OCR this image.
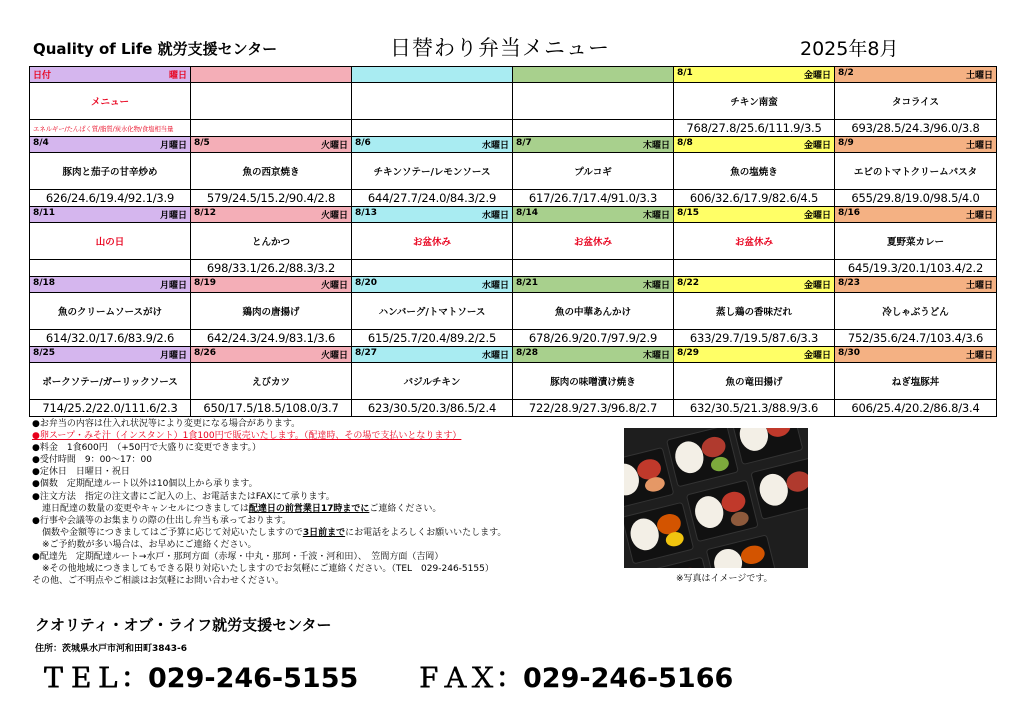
Quality of Life 就労支援センター	日替わり弁当メニュー	2025年8月
日付 曜日				8/1 金曜日	8/2 土曜日

メニュー				チキン南蛮	タコライス
エネルギー/たんぱく質/脂質/炭水化物/食塩相当量				768/27.8/25.6/111.9/3.5	693/28.5/24.3/96.0/3.8

8/4 月曜日	8/5 火曜日	8/6 水曜日	8/7 木曜日	8/8 金曜日	8/9 土曜日

豚肉と茄子の甘辛炒め	魚の西京焼き	チキンソテー/レモンソース	プルコギ	魚の塩焼き	エビのトマトクリームパスタ
626/24.6/19.4/92.1/3.9	579/24.5/15.2/90.4/2.8	644/27.7/24.0/84.3/2.9	617/26.7/17.4/91.0/3.3	606/32.6/17.9/82.6/4.5	655/29.8/19.0/98.5/4.0

8/11 月曜日	8/12 火曜日	8/13 水曜日	8/14 木曜日	8/15 金曜日	8/16 土曜日

山の日	とんかつ	お盆休み	お盆休み	お盆休み	夏野菜カレー
	698/33.1/26.2/88.3/3.2				645/19.3/20.1/103.4/2.2

8/18 月曜日	8/19 火曜日	8/20 水曜日	8/21 木曜日	8/22 金曜日	8/23 土曜日

魚のクリームソースがけ	鶏肉の唐揚げ	ハンバーグ/トマトソース	魚の中華あんかけ	蒸し鶏の香味だれ	冷しゃぶうどん
614/32.0/17.6/83.9/2.6	642/24.3/24.9/83.1/3.6	615/25.7/20.4/89.2/2.5	678/26.9/20.7/97.9/2.9	633/29.7/19.5/87.6/3.3	752/35.6/24.7/103.4/3.6

8/25 月曜日	8/26 火曜日	8/27 水曜日	8/28 木曜日	8/29 金曜日	8/30 土曜日

ポークソテー/ガーリックソース	えびカツ	バジルチキン	豚肉の味噌漬け焼き	魚の竜田揚げ	ねぎ塩豚丼
714/25.2/22.0/111.6/2.3	650/17.5/18.5/108.0/3.7	623/30.5/20.3/86.5/2.4	722/28.9/27.3/96.8/2.7	632/30.5/21.3/88.9/3.6	606/25.4/20.2/86.8/3.4
●お弁当の内容は仕入れ状況等により変更になる場合があります。
●卵スープ・みそ汁（インスタント）1食100円で販売いたします。（配達時、その場で支払いとなります）
●料金　1食600円　（+50円で大盛りに変更できます。）
●受付時間　9：00～17：00
●定休日　日曜日・祝日
●個数　定期配達ルート以外は10個以上から承ります。
●注文方法　指定の注文書にご記入の上、お電話またはFAXにて承ります。
連日配達の数量の変更やキャンセルにつきましては配達日の前営業日17時までにご連絡ください。
●行事や会議等のお集まりの際の仕出し弁当も承っております。
個数や金額等につきましてはご予算に応じて対応いたしますので3日前までにお電話をよろしくお願いいたします。
※ご予約数が多い場合は、お早めにご連絡ください。
●配達先　定期配達ルート→水戸・那珂方面（赤塚・中丸・那珂・千波・河和田）、　笠間方面（吉岡）
※その他地域につきましてもできる限り対応いたしますのでお気軽にご連絡ください。（TEL　029-246-5155）
その他、ご不明点やご相談はお気軽にお問い合わせください。	※写真はイメージです。
クオリティ・オブ・ライフ就労支援センター
住所：茨城県水戸市河和田町3843-6
ＴＥＬ：029-246-5155 ＦＡＸ：029-246-5166
